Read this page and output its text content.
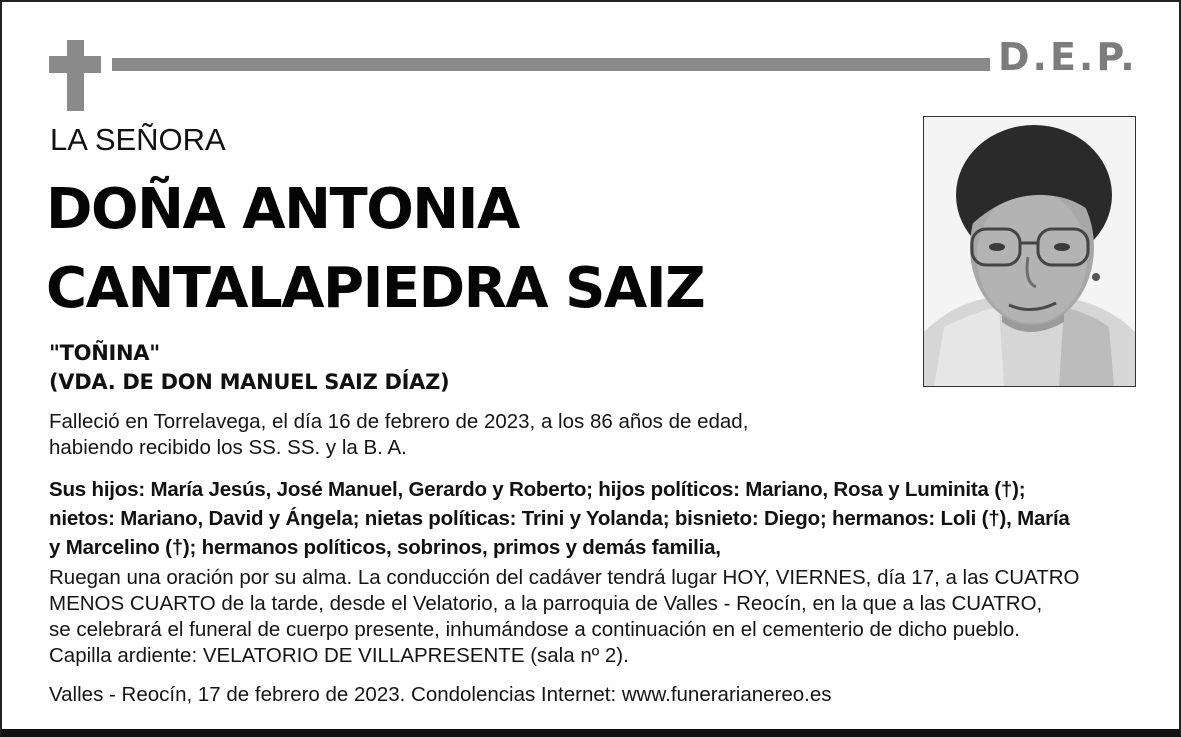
D.E.P.
LA SEÑORA
DOÑA ANTONIA
CANTALAPIEDRA SAIZ
"TOÑINA"
(VDA. DE DON MANUEL SAIZ DÍAZ)
Falleció en Torrelavega, el día 16 de febrero de 2023, a los 86 años de edad,
habiendo recibido los SS. SS. y la B. A.
Sus hijos: María Jesús, José Manuel, Gerardo y Roberto; hijos políticos: Mariano, Rosa y Luminita (†);
nietos: Mariano, David y Ángela; nietas políticas: Trini y Yolanda; bisnieto: Diego; hermanos: Loli (†), María
y Marcelino (†); hermanos políticos, sobrinos, primos y demás familia,
Ruegan una oración por su alma. La conducción del cadáver tendrá lugar HOY, VIERNES, día 17, a las CUATRO
MENOS CUARTO de la tarde, desde el Velatorio, a la parroquia de Valles - Reocín, en la que a las CUATRO,
se celebrará el funeral de cuerpo presente, inhumándose a continuación en el cementerio de dicho pueblo.
Capilla ardiente: VELATORIO DE VILLAPRESENTE (sala nº 2).
Valles - Reocín, 17 de febrero de 2023. Condolencias Internet: www.funerarianereo.es
